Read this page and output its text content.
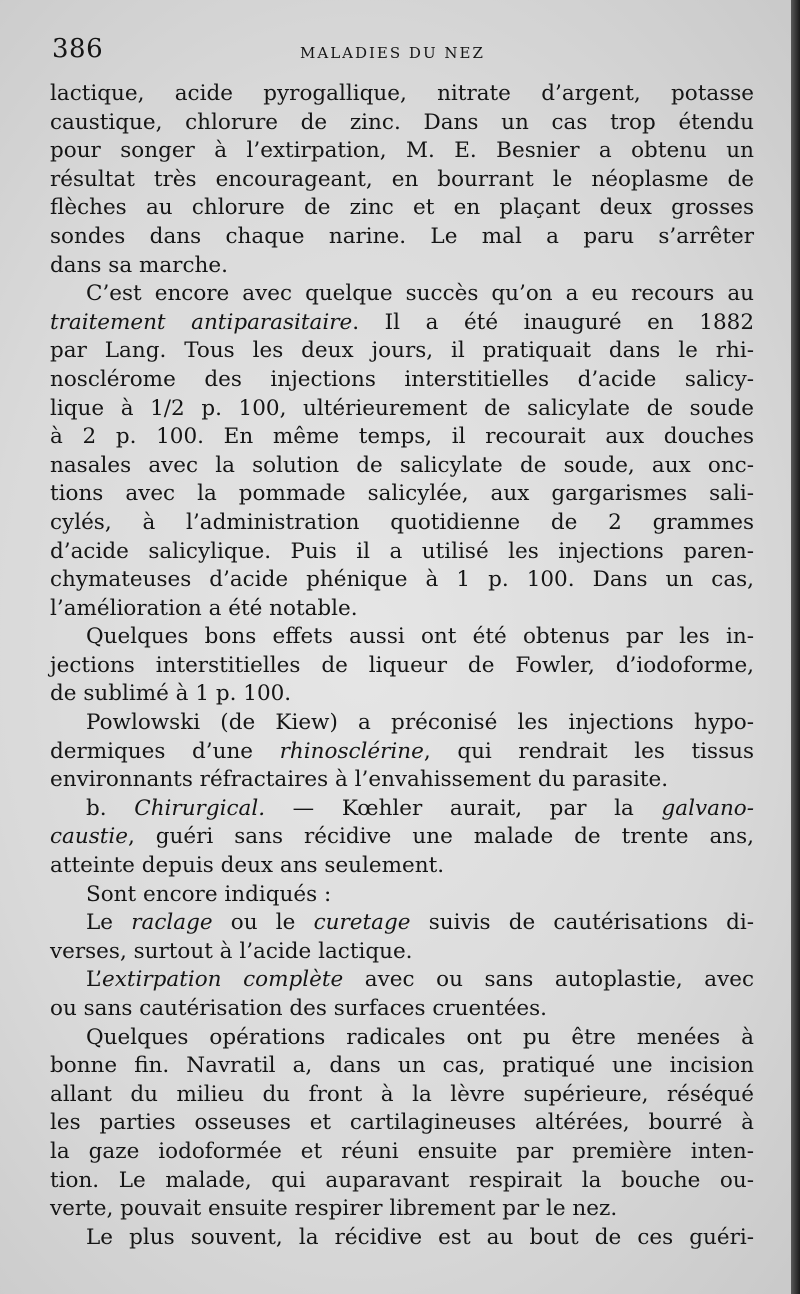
386	MALADIES DU NEZ
lactique, acide pyrogallique, nitrate d’argent, potasse
caustique, chlorure de zinc. Dans un cas trop étendu
pour songer à l’extirpation, M. E. Besnier a obtenu un
résultat très encourageant, en bourrant le néoplasme de
flèches au chlorure de zinc et en plaçant deux grosses
sondes dans chaque narine. Le mal a paru s’arrêter
dans sa marche.
C’est encore avec quelque succès qu’on a eu recours au
traitement antiparasitaire. Il a été inauguré en 1882
par Lang. Tous les deux jours, il pratiquait dans le rhi-
nosclérome des injections interstitielles d’acide salicy-
lique à 1/2 p. 100, ultérieurement de salicylate de soude
à 2 p. 100. En même temps, il recourait aux douches
nasales avec la solution de salicylate de soude, aux onc-
tions avec la pommade salicylée, aux gargarismes sali-
cylés, à l’administration quotidienne de 2 grammes
d’acide salicylique. Puis il a utilisé les injections paren-
chymateuses d’acide phénique à 1 p. 100. Dans un cas,
l’amélioration a été notable.
Quelques bons effets aussi ont été obtenus par les in-
jections interstitielles de liqueur de Fowler, d’iodoforme,
de sublimé à 1 p. 100.
Powlowski (de Kiew) a préconisé les injections hypo-
dermiques d’une rhinosclérine, qui rendrait les tissus
environnants réfractaires à l’envahissement du parasite.
b. Chirurgical. — Kœhler aurait, par la galvano-
caustie, guéri sans récidive une malade de trente ans,
atteinte depuis deux ans seulement.
Sont encore indiqués :
Le raclage ou le curetage suivis de cautérisations di-
verses, surtout à l’acide lactique.
L’extirpation complète avec ou sans autoplastie, avec
ou sans cautérisation des surfaces cruentées.
Quelques opérations radicales ont pu être menées à
bonne fin. Navratil a, dans un cas, pratiqué une incision
allant du milieu du front à la lèvre supérieure, réséqué
les parties osseuses et cartilagineuses altérées, bourré à
la gaze iodoformée et réuni ensuite par première inten-
tion. Le malade, qui auparavant respirait la bouche ou-
verte, pouvait ensuite respirer librement par le nez.
Le plus souvent, la récidive est au bout de ces guéri-
